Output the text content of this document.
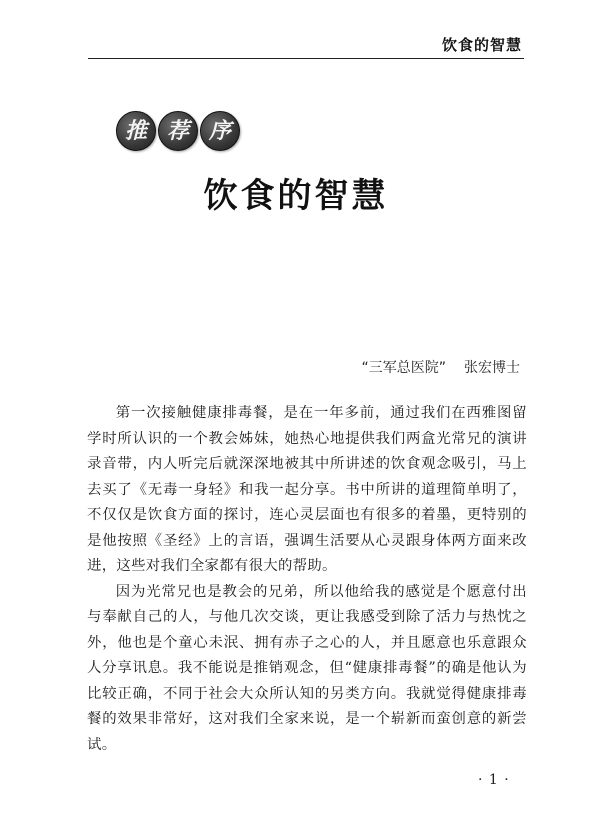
饮食的智慧
推 荐 序
饮食的智慧
“三军总医院” 张宏博士

第一次接触健康排毒餐，是在一年多前，通过我们在西雅图留学时所认识的一个教会姊妹，她热心地提供我们两盒光常兄的演讲录音带，内人听完后就深深地被其中所讲述的饮食观念吸引，马上去买了《无毒一身轻》和我一起分享。书中所讲的道理简单明了，不仅仅是饮食方面的探讨，连心灵层面也有很多的着墨，更特别的是他按照《圣经》上的言语，强调生活要从心灵跟身体两方面来改进，这些对我们全家都有很大的帮助。

因为光常兄也是教会的兄弟，所以他给我的感觉是个愿意付出与奉献自己的人，与他几次交谈，更让我感受到除了活力与热忱之外，他也是个童心未泯、拥有赤子之心的人，并且愿意也乐意跟众人分享讯息。我不能说是推销观念，但“健康排毒餐”的确是他认为比较正确，不同于社会大众所认知的另类方向。我就觉得健康排毒餐的效果非常好，这对我们全家来说，是一个崭新而蛮创意的新尝试。

· 1 ·
